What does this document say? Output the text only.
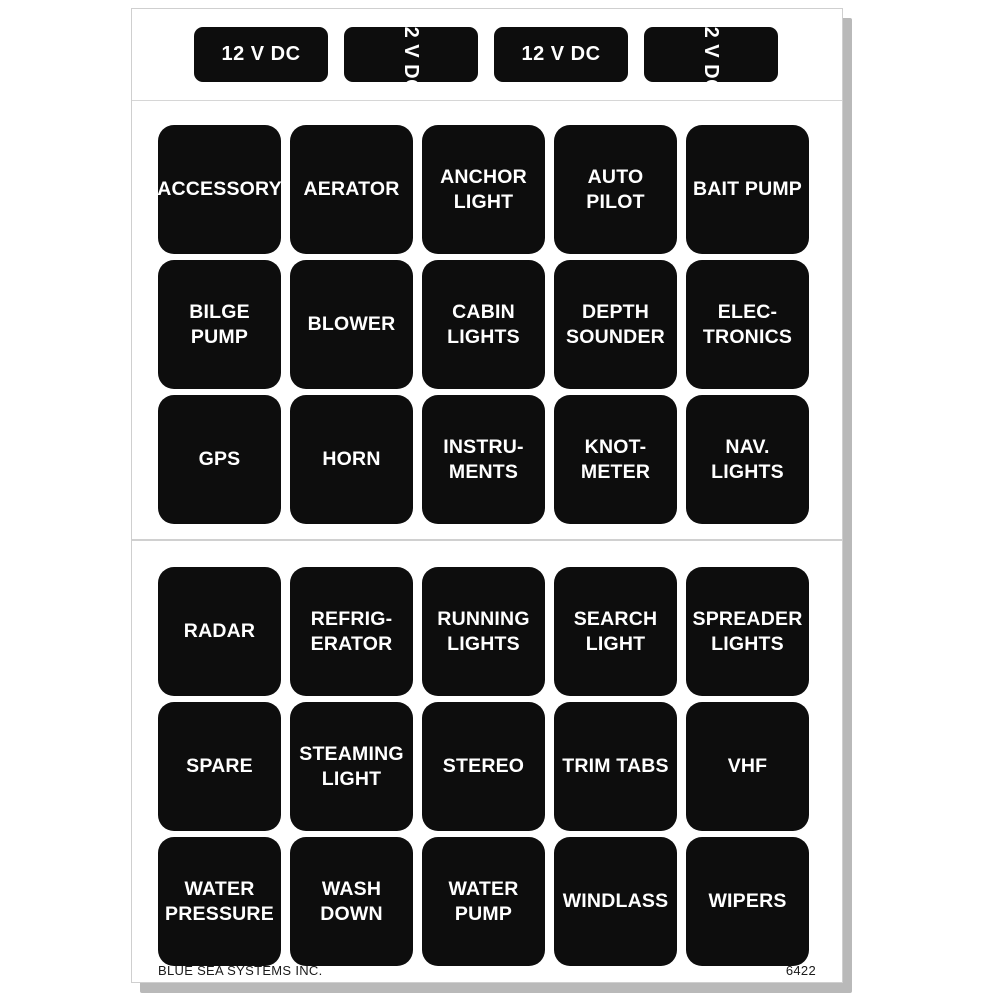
12 V DC	12 V DC	12 V DC	12 V DC
ACCESSORY	AERATOR
ANCHOR LIGHT
AUTO PILOT
BAIT PUMP
BILGE PUMP
BLOWER
CABIN LIGHTS
DEPTH SOUNDER
ELEC- TRONICS
GPS	HORN
INSTRU- MENTS
KNOT- METER
NAV. LIGHTS
RADAR
REFRIG- ERATOR
RUNNING LIGHTS
SEARCH LIGHT
SPREADER LIGHTS
SPARE
STEAMING LIGHT
STEREO	TRIM TABS	VHF
WATER PRESSURE
WASH DOWN
WATER PUMP
WINDLASS	WIPERS
BLUE SEA SYSTEMS INC.	6422
